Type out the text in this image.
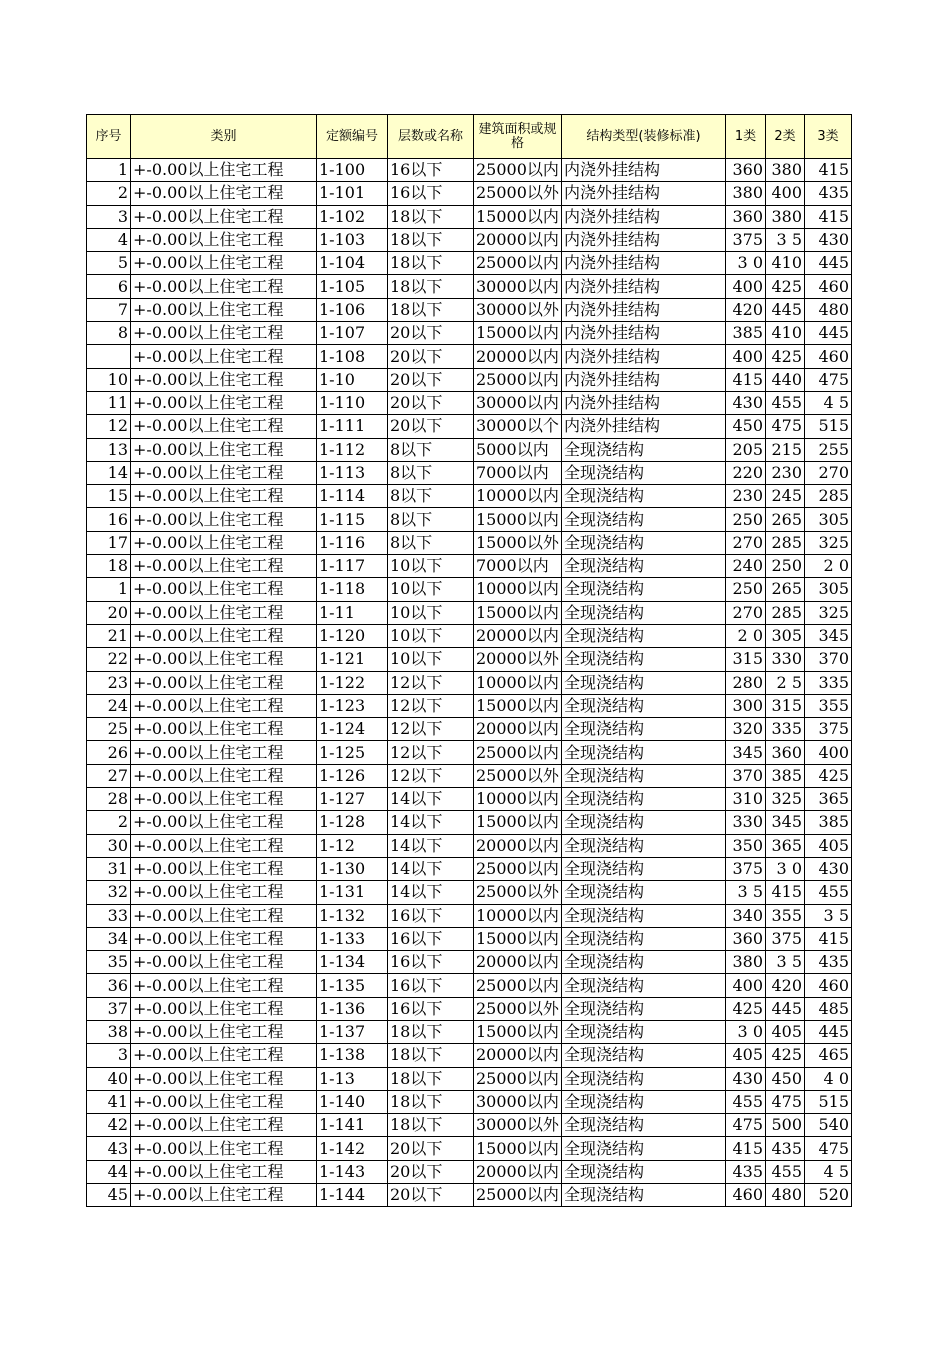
序号	类别	定额编号	层数或名称	建筑面积或规格	结构类型(装修标准)	1类	2类	3类
1	+-0.00以上住宅工程	1-100	16以下	25000以内	内浇外挂结构	360	380	415
2	+-0.00以上住宅工程	1-101	16以下	25000以外	内浇外挂结构	380	400	435
3	+-0.00以上住宅工程	1-102	18以下	15000以内	内浇外挂结构	360	380	415
4	+-0.00以上住宅工程	1-103	18以下	20000以内	内浇外挂结构	375	3 5	430
5	+-0.00以上住宅工程	1-104	18以下	25000以内	内浇外挂结构	3 0	410	445
6	+-0.00以上住宅工程	1-105	18以下	30000以内	内浇外挂结构	400	425	460
7	+-0.00以上住宅工程	1-106	18以下	30000以外	内浇外挂结构	420	445	480
8	+-0.00以上住宅工程	1-107	20以下	15000以内	内浇外挂结构	385	410	445
	+-0.00以上住宅工程	1-108	20以下	20000以内	内浇外挂结构	400	425	460
10	+-0.00以上住宅工程	1-10	20以下	25000以内	内浇外挂结构	415	440	475
11	+-0.00以上住宅工程	1-110	20以下	30000以内	内浇外挂结构	430	455	4 5
12	+-0.00以上住宅工程	1-111	20以下	30000以个	内浇外挂结构	450	475	515
13	+-0.00以上住宅工程	1-112	8以下	5000以内	全现浇结构	205	215	255
14	+-0.00以上住宅工程	1-113	8以下	7000以内	全现浇结构	220	230	270
15	+-0.00以上住宅工程	1-114	8以下	10000以内	全现浇结构	230	245	285
16	+-0.00以上住宅工程	1-115	8以下	15000以内	全现浇结构	250	265	305
17	+-0.00以上住宅工程	1-116	8以下	15000以外	全现浇结构	270	285	325
18	+-0.00以上住宅工程	1-117	10以下	7000以内	全现浇结构	240	250	2 0
1	+-0.00以上住宅工程	1-118	10以下	10000以内	全现浇结构	250	265	305
20	+-0.00以上住宅工程	1-11	10以下	15000以内	全现浇结构	270	285	325
21	+-0.00以上住宅工程	1-120	10以下	20000以内	全现浇结构	2 0	305	345
22	+-0.00以上住宅工程	1-121	10以下	20000以外	全现浇结构	315	330	370
23	+-0.00以上住宅工程	1-122	12以下	10000以内	全现浇结构	280	2 5	335
24	+-0.00以上住宅工程	1-123	12以下	15000以内	全现浇结构	300	315	355
25	+-0.00以上住宅工程	1-124	12以下	20000以内	全现浇结构	320	335	375
26	+-0.00以上住宅工程	1-125	12以下	25000以内	全现浇结构	345	360	400
27	+-0.00以上住宅工程	1-126	12以下	25000以外	全现浇结构	370	385	425
28	+-0.00以上住宅工程	1-127	14以下	10000以内	全现浇结构	310	325	365
2	+-0.00以上住宅工程	1-128	14以下	15000以内	全现浇结构	330	345	385
30	+-0.00以上住宅工程	1-12	14以下	20000以内	全现浇结构	350	365	405
31	+-0.00以上住宅工程	1-130	14以下	25000以内	全现浇结构	375	3 0	430
32	+-0.00以上住宅工程	1-131	14以下	25000以外	全现浇结构	3 5	415	455
33	+-0.00以上住宅工程	1-132	16以下	10000以内	全现浇结构	340	355	3 5
34	+-0.00以上住宅工程	1-133	16以下	15000以内	全现浇结构	360	375	415
35	+-0.00以上住宅工程	1-134	16以下	20000以内	全现浇结构	380	3 5	435
36	+-0.00以上住宅工程	1-135	16以下	25000以内	全现浇结构	400	420	460
37	+-0.00以上住宅工程	1-136	16以下	25000以外	全现浇结构	425	445	485
38	+-0.00以上住宅工程	1-137	18以下	15000以内	全现浇结构	3 0	405	445
3	+-0.00以上住宅工程	1-138	18以下	20000以内	全现浇结构	405	425	465
40	+-0.00以上住宅工程	1-13	18以下	25000以内	全现浇结构	430	450	4 0
41	+-0.00以上住宅工程	1-140	18以下	30000以内	全现浇结构	455	475	515
42	+-0.00以上住宅工程	1-141	18以下	30000以外	全现浇结构	475	500	540
43	+-0.00以上住宅工程	1-142	20以下	15000以内	全现浇结构	415	435	475
44	+-0.00以上住宅工程	1-143	20以下	20000以内	全现浇结构	435	455	4 5
45	+-0.00以上住宅工程	1-144	20以下	25000以内	全现浇结构	460	480	520
